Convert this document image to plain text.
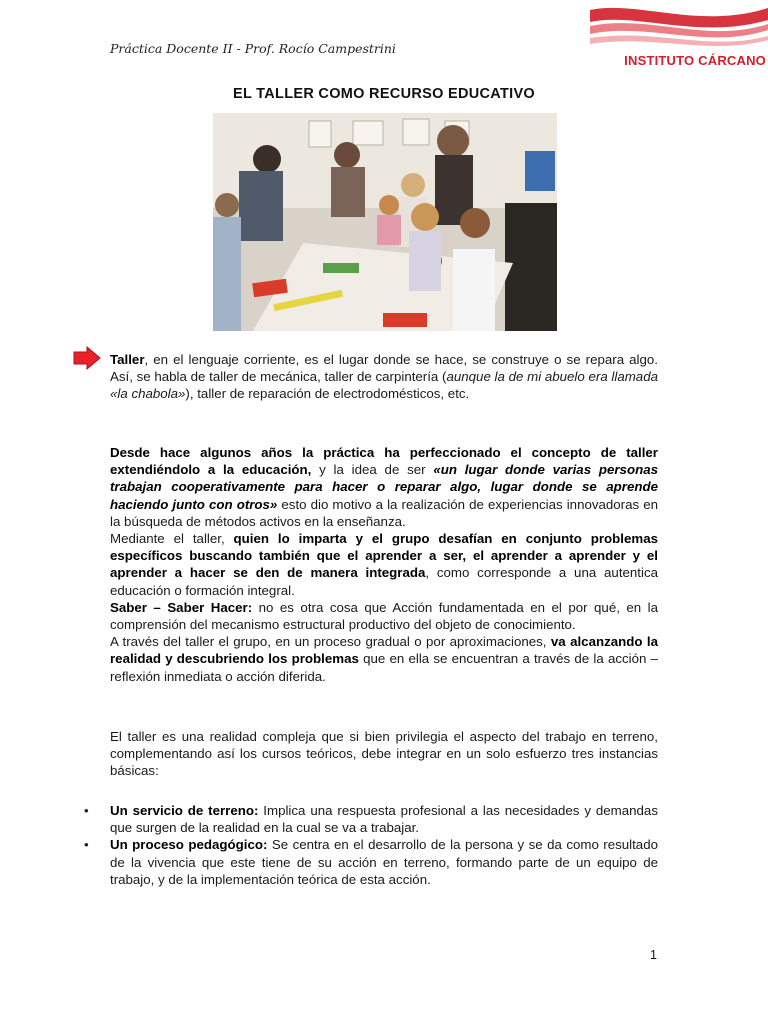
Práctica Docente II - Prof. Rocío Campestrini
INSTITUTO CÁRCANO
EL TALLER COMO RECURSO EDUCATIVO

Taller, en el lenguaje corriente, es el lugar donde se hace, se construye o se repara algo. Así, se habla de taller de mecánica, taller de carpintería (aunque la de mi abuelo era llamada «la chabola»), taller de reparación de electrodomésticos, etc.

Desde hace algunos años la práctica ha perfeccionado el concepto de taller extendiéndolo a la educación, y la idea de ser «un lugar donde varias personas trabajan cooperativamente para hacer o reparar algo, lugar donde se aprende haciendo junto con otros» esto dio motivo a la realización de experiencias innovadoras en la búsqueda de métodos activos en la enseñanza.

Mediante el taller, quien lo imparta y el grupo desafían en conjunto problemas específicos buscando también que el aprender a ser, el aprender a aprender y el aprender a hacer se den de manera integrada, como corresponde a una autentica educación o formación integral.

Saber – Saber Hacer: no es otra cosa que Acción fundamentada en el por qué, en la comprensión del mecanismo estructural productivo del objeto de conocimiento.

A través del taller el grupo, en un proceso gradual o por aproximaciones, va alcanzando la realidad y descubriendo los problemas que en ella se encuentran a través de la acción – reflexión inmediata o acción diferida.

El taller es una realidad compleja que si bien privilegia el aspecto del trabajo en terreno, complementando así los cursos teóricos, debe integrar en un solo esfuerzo tres instancias básicas:

• Un servicio de terreno: Implica una respuesta profesional a las necesidades y demandas que surgen de la realidad en la cual se va a trabajar.

• Un proceso pedagógico: Se centra en el desarrollo de la persona y se da como resultado de la vivencia que este tiene de su acción en terreno, formando parte de un equipo de trabajo, y de la implementación teórica de esta acción.

1
